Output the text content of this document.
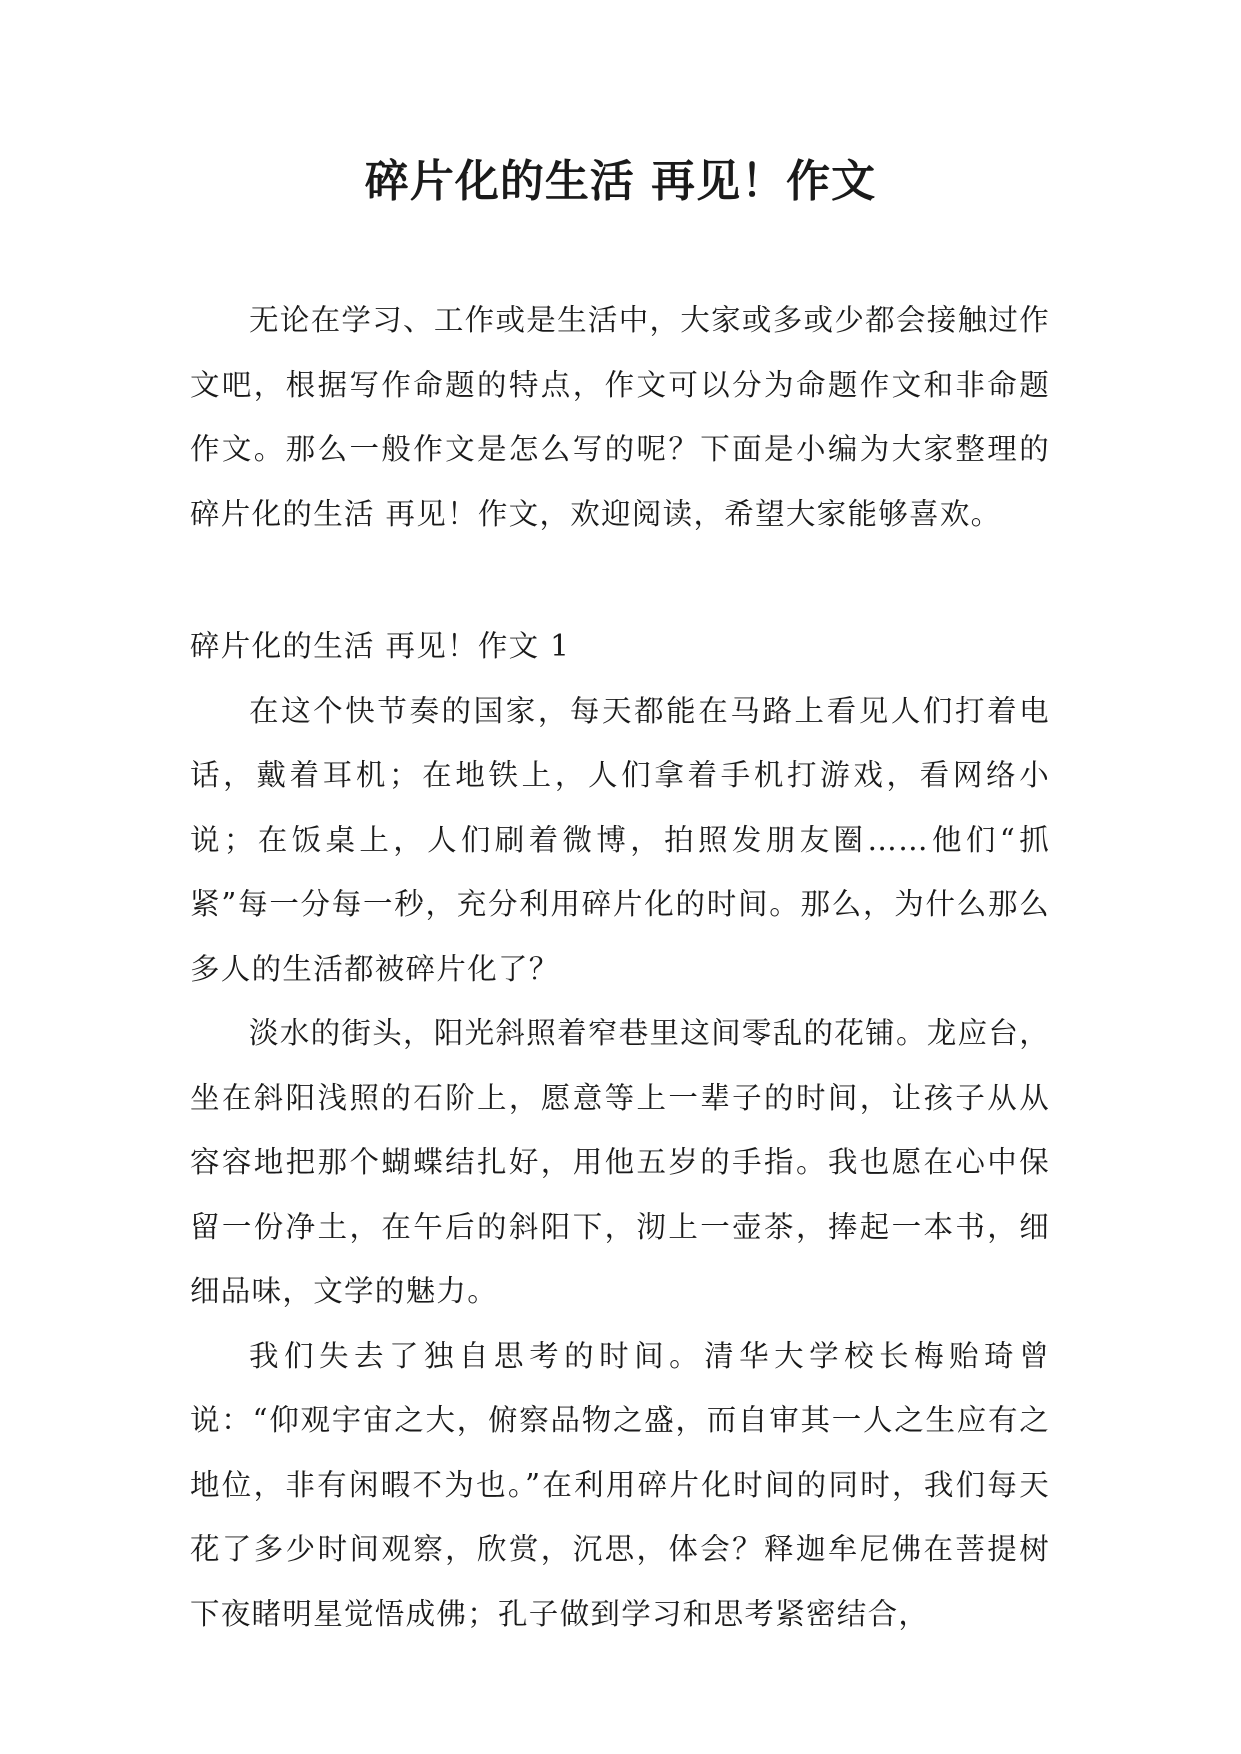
碎片化的生活 再见！作文

无论在学习、工作或是生活中，大家或多或少都会接触过作文吧，根据写作命题的特点，作文可以分为命题作文和非命题作文。那么一般作文是怎么写的呢？下面是小编为大家整理的碎片化的生活 再见！作文，欢迎阅读，希望大家能够喜欢。

碎片化的生活 再见！作文 1

在这个快节奏的国家，每天都能在马路上看见人们打着电话，戴着耳机；在地铁上，人们拿着手机打游戏，看网络小说；在饭桌上，人们刷着微博，拍照发朋友圈……他们“抓紧”每一分每一秒，充分利用碎片化的时间。那么，为什么那么多人的生活都被碎片化了？

淡水的街头，阳光斜照着窄巷里这间零乱的花铺。龙应台，坐在斜阳浅照的石阶上，愿意等上一辈子的时间，让孩子从从容容地把那个蝴蝶结扎好，用他五岁的手指。我也愿在心中保留一份净土，在午后的斜阳下，沏上一壶茶，捧起一本书，细细品味，文学的魅力。

我们失去了独自思考的时间。清华大学校长梅贻琦曾说：“仰观宇宙之大，俯察品物之盛，而自审其一人之生应有之地位，非有闲暇不为也。”在利用碎片化时间的同时，我们每天花了多少时间观察，欣赏，沉思，体会？释迦牟尼佛在菩提树下夜睹明星觉悟成佛；孔子做到学习和思考紧密结合，
